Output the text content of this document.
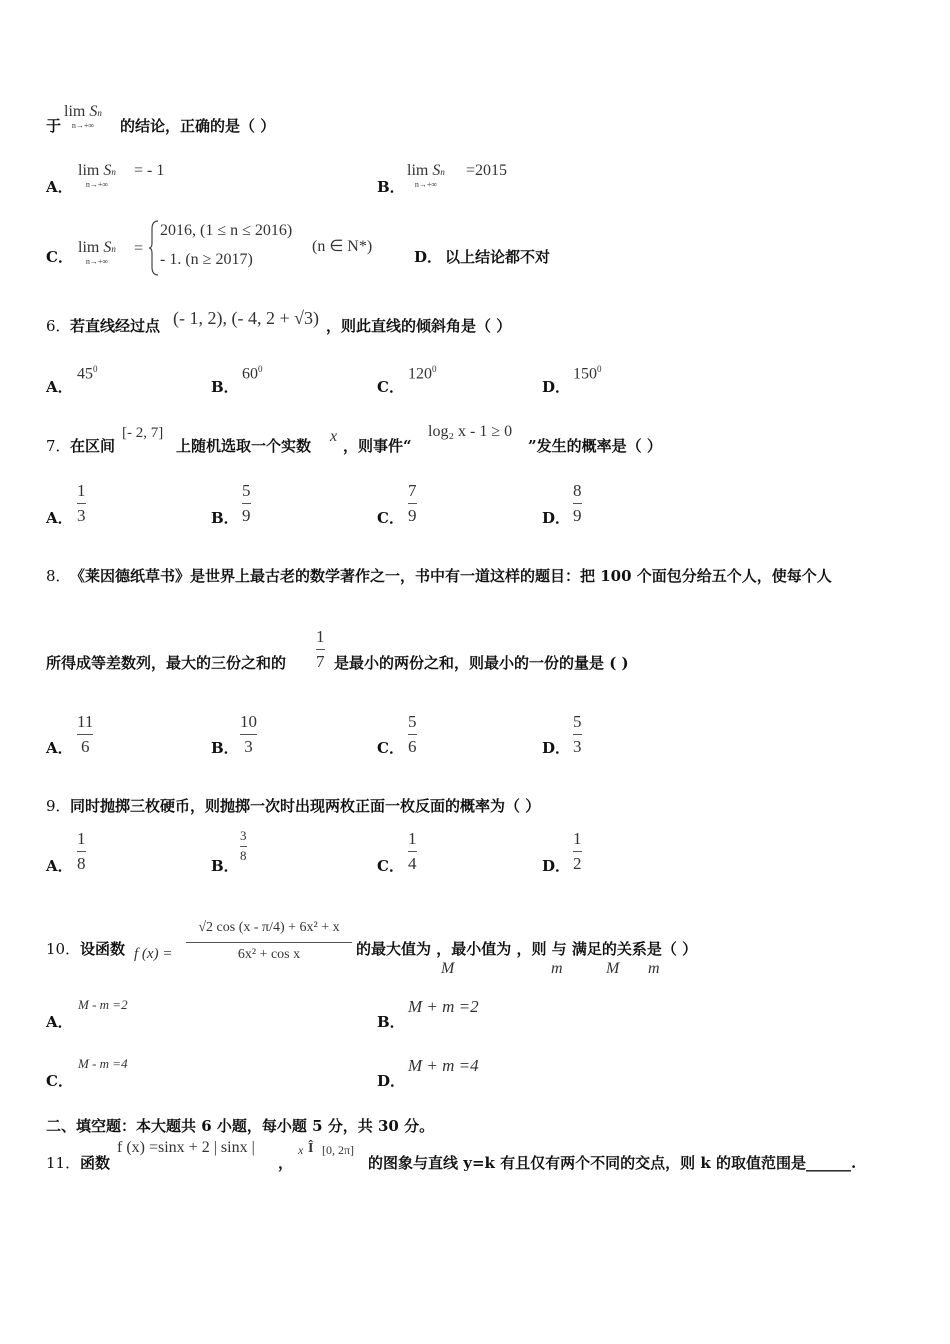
于
lim Sn
n→+∞ 的结论，正确的是（ ）
A．
lim Sn
n→+∞
= - 1
B．
lim Sn
n→+∞
=2015
C．
lim Sn
n→+∞
=
2016, (1 ≤ n ≤ 2016)
- 1. (n ≥ 2017)
(n ∈ N*)
D． 以上结论都不对
6． 若直线经过点 (- 1, 2), (- 4, 2 + √3) ，则此直线的倾斜角是（ ）
A．
$45^0$
B．
$60^0$
C．
$120^0$
D．
$150^0$
7． 在区间
[- 2, 7]
上随机选取一个实数
x
，则事件“
log₂ x - 1 ≥ 0
”发生的概率是（ ）
A．
1
3	B．
5
9	C．
7
9	D．
8
9
8． 《莱因德纸草书》是世界上最古老的数学著作之一，书中有一道这样的题目：把 100 个面包分给五个人，使每个人
所得成等差数列，最大的三份之和的
1
7 是最小的两份之和，则最小的一份的量是 ( )
A．
11
6	B．
10
3	C．
5
6	D．
5
3
9． 同时抛掷三枚硬币，则抛掷一次时出现两枚正面一枚反面的概率为（ ）
A．
1
8	B．
3
8
C．
1
4	D．
1
2
10． 设函数 f (x) =
√2 cos (x - π/4) + 6x² + x
6x² + cos x	的最大值为 ，最小值为 ，则 与 满足的关系是（ ）
M	m	M m
A．
M - m =2
B．
M + m =2
C．
M - m =4
D．
M + m =4
二、填空题：本大题共 6 小题，每小题 5 分，共 30 分。
11． 函数
f (x) =sinx + 2 | sinx |
，
x Î [0, 2π]
的图象与直线 y=k 有且仅有两个不同的交点，则 k 的取值范围是______.
